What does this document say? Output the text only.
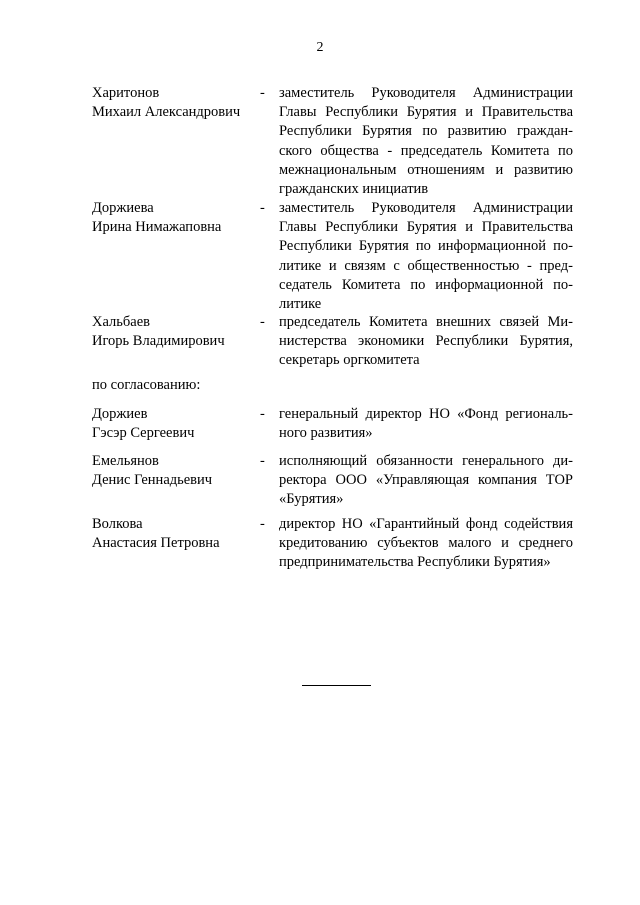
2
Харитонов
Михаил Александрович
- заместитель Руководителя Администрации
Главы Республики Бурятия и Правительства
Республики Бурятия по развитию граждан-
ского общества - председатель Комитета по
межнациональным отношениям и развитию
гражданских инициатив
Доржиева
Ирина Нимажаповна
- заместитель Руководителя Администрации
Главы Республики Бурятия и Правительства
Республики Бурятия по информационной по-
литике и связям с общественностью - пред-
седатель Комитета по информационной по-
литике
Хальбаев
Игорь Владимирович
- председатель Комитета внешних связей Ми-
нистерства экономики Республики Бурятия,
секретарь оргкомитета
по согласованию:
Доржиев
Гэсэр Сергеевич
- генеральный директор НО «Фонд региональ-
ного развития»
Емельянов
Денис Геннадьевич
- исполняющий обязанности генерального ди-
ректора ООО «Управляющая компания ТОР
«Бурятия»
Волкова
Анастасия Петровна
- директор НО «Гарантийный фонд содействия
кредитованию субъектов малого и среднего
предпринимательства Республики Бурятия»
